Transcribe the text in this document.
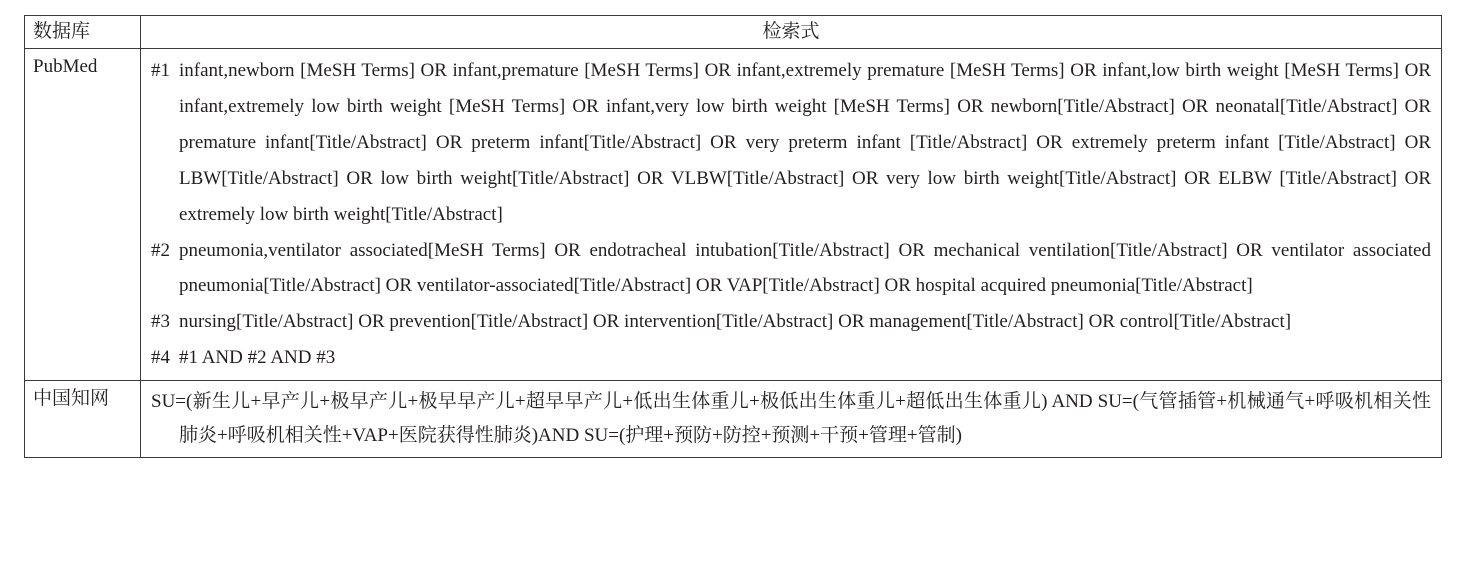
数据库	检索式
PubMed	#1 infant,newborn [MeSH Terms] OR infant,premature [MeSH Terms] OR infant,extremely premature [MeSH Terms] OR infant,low birth weight [MeSH Terms] OR infant,extremely low birth weight [MeSH Terms] OR infant,very low birth weight [MeSH Terms] OR newborn[Title/Abstract] OR neonatal[Title/Abstract] OR premature infant[Title/Abstract] OR preterm infant[Title/Abstract] OR very preterm infant [Title/Abstract] OR extremely preterm infant [Title/Abstract] OR LBW[Title/Abstract] OR low birth weight[Title/Abstract] OR VLBW[Title/Abstract] OR very low birth weight[Title/Abstract] OR ELBW [Title/Abstract] OR extremely low birth weight[Title/Abstract]
#2 pneumonia,ventilator associated[MeSH Terms] OR endotracheal intubation[Title/Abstract] OR mechanical ventilation[Title/Abstract] OR ventilator associated pneumonia[Title/Abstract] OR ventilator-associated[Title/Abstract] OR VAP[Title/Abstract] OR hospital acquired pneumonia[Title/Abstract]
#3 nursing[Title/Abstract] OR prevention[Title/Abstract] OR intervention[Title/Abstract] OR management[Title/Abstract] OR control[Title/Abstract]
#4 #1 AND #2 AND #3

中国知网	SU=(新生儿+早产儿+极早产儿+极早早产儿+超早早产儿+低出生体重儿+极低出生体重儿+超低出生体重儿) AND SU=(气管插管+机械通气+呼吸机相关性肺炎+呼吸机相关性+VAP+医院获得性肺炎)AND SU=(护理+预防+防控+预测+干预+管理+管制)
